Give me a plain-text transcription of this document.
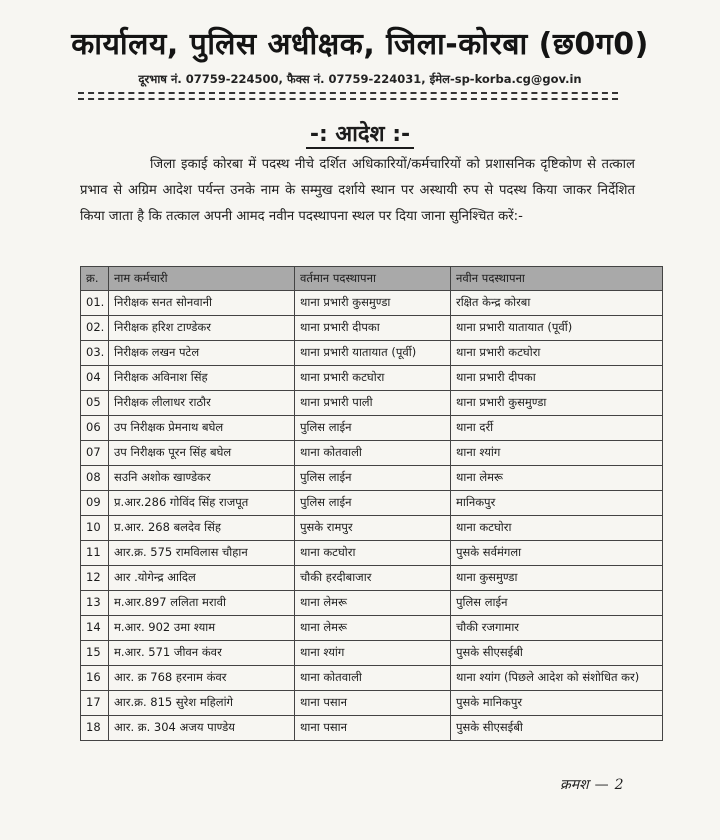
कार्यालय, पुलिस अधीक्षक, जिला-कोरबा (छ0ग0)
दूरभाष नं. 07759-224500, फैक्स नं. 07759-224031, ईमेल-sp-korba.cg@gov.in
-: आदेश :-
जिला इकाई कोरबा में पदस्थ नीचे दर्शित अधिकारियों/कर्मचारियों को प्रशासनिक दृष्टिकोण से तत्काल प्रभाव से अग्रिम आदेश पर्यन्त उनके नाम के सम्मुख दर्शाये स्थान पर अस्थायी रुप से पदस्थ किया जाकर निर्देशित किया जाता है कि तत्काल अपनी आमद नवीन पदस्थापना स्थल पर दिया जाना सुनिश्चित करें:-
क्र.	नाम कर्मचारी	वर्तमान पदस्थापना	नवीन पदस्थापना
01.	निरीक्षक सनत सोनवानी	थाना प्रभारी कुसमुण्डा	रक्षित केन्द्र कोरबा
02.	निरीक्षक हरिश टाण्डेकर	थाना प्रभारी दीपका	थाना प्रभारी यातायात (पूर्वी)
03.	निरीक्षक लखन पटेल	थाना प्रभारी यातायात (पूर्वी)	थाना प्रभारी कटघोरा
04	निरीक्षक अविनाश सिंह	थाना प्रभारी कटघोरा	थाना प्रभारी दीपका
05	निरीक्षक लीलाधर राठौर	थाना प्रभारी पाली	थाना प्रभारी कुसमुण्डा
06	उप निरीक्षक प्रेमनाथ बघेल	पुलिस लाईन	थाना दर्री
07	उप निरीक्षक पूरन सिंह बघेल	थाना कोतवाली	थाना श्यांग
08	सउनि अशोक खाण्डेकर	पुलिस लाईन	थाना लेमरू
09	प्र.आर.286 गोविंद सिंह राजपूत	पुलिस लाईन	मानिकपुर
10	प्र.आर. 268 बलदेव सिंह	पुसके रामपुर	थाना कटघोरा
11	आर.क्र. 575 रामविलास चौहान	थाना कटघोरा	पुसके सर्वमंगला
12	आर .योगेन्द्र आदिल	चौकी हरदीबाजार	थाना कुसमुण्डा
13	म.आर.897 ललिता मरावी	थाना लेमरू	पुलिस लाईन
14	म.आर. 902 उमा श्याम	थाना लेमरू	चौकी रजगामार
15	म.आर. 571 जीवन कंवर	थाना श्यांग	पुसके सीएसईबी
16	आर. क्र 768 हरनाम कंवर	थाना कोतवाली	थाना श्यांग (पिछले आदेश को संशोधित कर)
17	आर.क्र. 815 सुरेश महिलांगे	थाना पसान	पुसके मानिकपुर
18	आर. क्र. 304 अजय पाण्डेय	थाना पसान	पुसके सीएसईबी
क्रमश — 2
